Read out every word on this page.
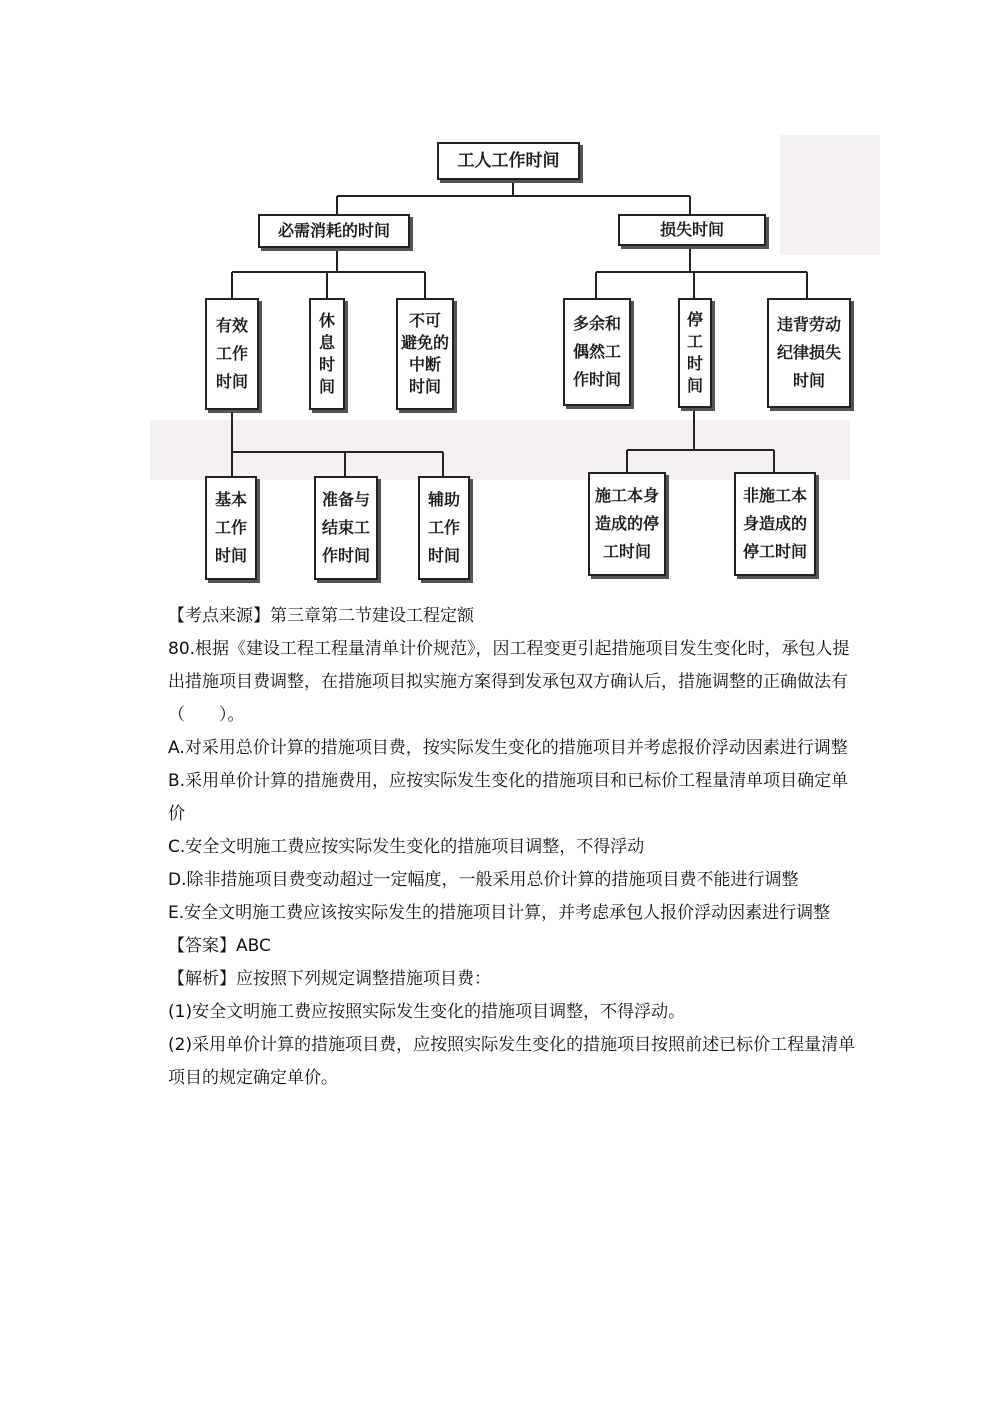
工人工作时间
必需消耗的时间	损失时间
有效
工作
时间
休
息
时
间
不可
避免的
中断
时间
多余和
偶然工
作时间
停
工
时
间
违背劳动
纪律损失
时间
基本
工作
时间
准备与
结束工
作时间
辅助
工作
时间
施工本身
造成的停
工时间
非施工本
身造成的
停工时间
【考点来源】第三章第二节建设工程定额
80.根据《建设工程工程量清单计价规范》，因工程变更引起措施项目发生变化时，承包人提
出措施项目费调整，在措施项目拟实施方案得到发承包双方确认后，措施调整的正确做法有
（　　）。
A.对采用总价计算的措施项目费，按实际发生变化的措施项目并考虑报价浮动因素进行调整
B.采用单价计算的措施费用，应按实际发生变化的措施项目和已标价工程量清单项目确定单
价
C.安全文明施工费应按实际发生变化的措施项目调整，不得浮动
D.除非措施项目费变动超过一定幅度，一般采用总价计算的措施项目费不能进行调整
E.安全文明施工费应该按实际发生的措施项目计算，并考虑承包人报价浮动因素进行调整
【答案】ABC
【解析】应按照下列规定调整措施项目费：
(1)安全文明施工费应按照实际发生变化的措施项目调整，不得浮动。
(2)采用单价计算的措施项目费，应按照实际发生变化的措施项目按照前述已标价工程量清单
项目的规定确定单价。
